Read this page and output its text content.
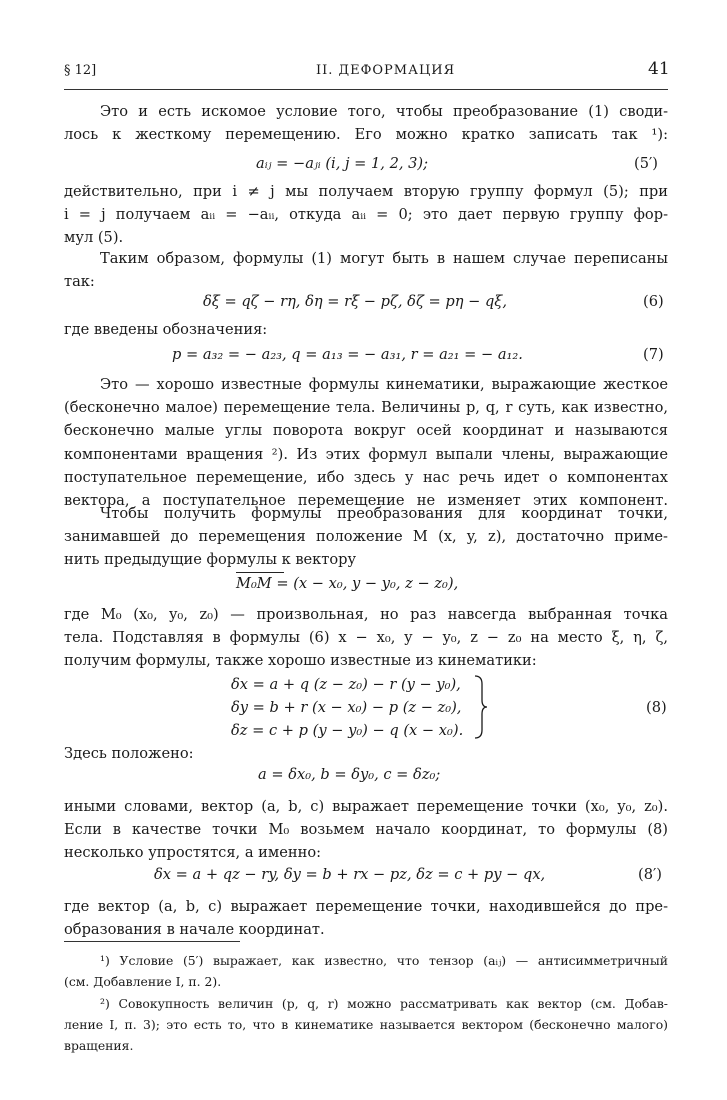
§ 12]	II. ДЕФОРМАЦИЯ	41
Это и есть искомое условие того, чтобы преобразование (1) своди-
лось к жесткому перемещению. Его можно кратко записать так ¹):
aᵢⱼ = −aⱼᵢ (i, j = 1, 2, 3);	(5′)
действительно, при i ≠ j мы получаем вторую группу формул (5); при
i = j получаем aᵢᵢ = −aᵢᵢ, откуда aᵢᵢ = 0; это дает первую группу фор-
мул (5).
Таким образом, формулы (1) могут быть в нашем случае переписаны
так:
δξ = qζ − rη, δη = rξ − pζ, δζ = pη − qξ,	(6)
где введены обозначения:
p = a₃₂ = − a₂₃, q = a₁₃ = − a₃₁, r = a₂₁ = − a₁₂.	(7)
Это — хорошо известные формулы кинематики, выражающие жесткое
(бесконечно малое) перемещение тела. Величины p, q, r суть, как известно,
бесконечно малые углы поворота вокруг осей координат и называются
компонентами вращения ²). Из этих формул выпали члены, выражающие
поступательное перемещение, ибо здесь у нас речь идет о компонентах
вектора, а поступательное перемещение не изменяет этих компонент.
Чтобы получить формулы преобразования для координат точки,
занимавшей до перемещения положение M (x, y, z), достаточно приме-
нить предыдущие формулы к вектору
M₀M = (x − x₀, y − y₀, z − z₀),
где M₀ (x₀, y₀, z₀) — произвольная, но раз навсегда выбранная точка
тела. Подставляя в формулы (6) x − x₀, y − y₀, z − z₀ на место ξ, η, ζ,
получим формулы, также хорошо известные из кинематики:
δx = a + q (z − z₀) − r (y − y₀),
δy = b + r (x − x₀) − p (z − z₀),
δz = c + p (y − y₀) − q (x − x₀).
(8)
Здесь положено:
a = δx₀, b = δy₀, c = δz₀;
иными словами, вектор (a, b, c) выражает перемещение точки (x₀, y₀, z₀).
Если в качестве точки M₀ возьмем начало координат, то формулы (8)
несколько упростятся, а именно:
δx = a + qz − ry, δy = b + rx − pz, δz = c + py − qx,	(8′)
где вектор (a, b, c) выражает перемещение точки, находившейся до пре-
образования в начале координат.
¹) Условие (5′) выражает, как известно, что тензор (aᵢⱼ) — антисимметричный
(см. Добавление I, п. 2).
²) Совокупность величин (p, q, r) можно рассматривать как вектор (см. Добав-
ление I, п. 3); это есть то, что в кинематике называется вектором (бесконечно малого)
вращения.
